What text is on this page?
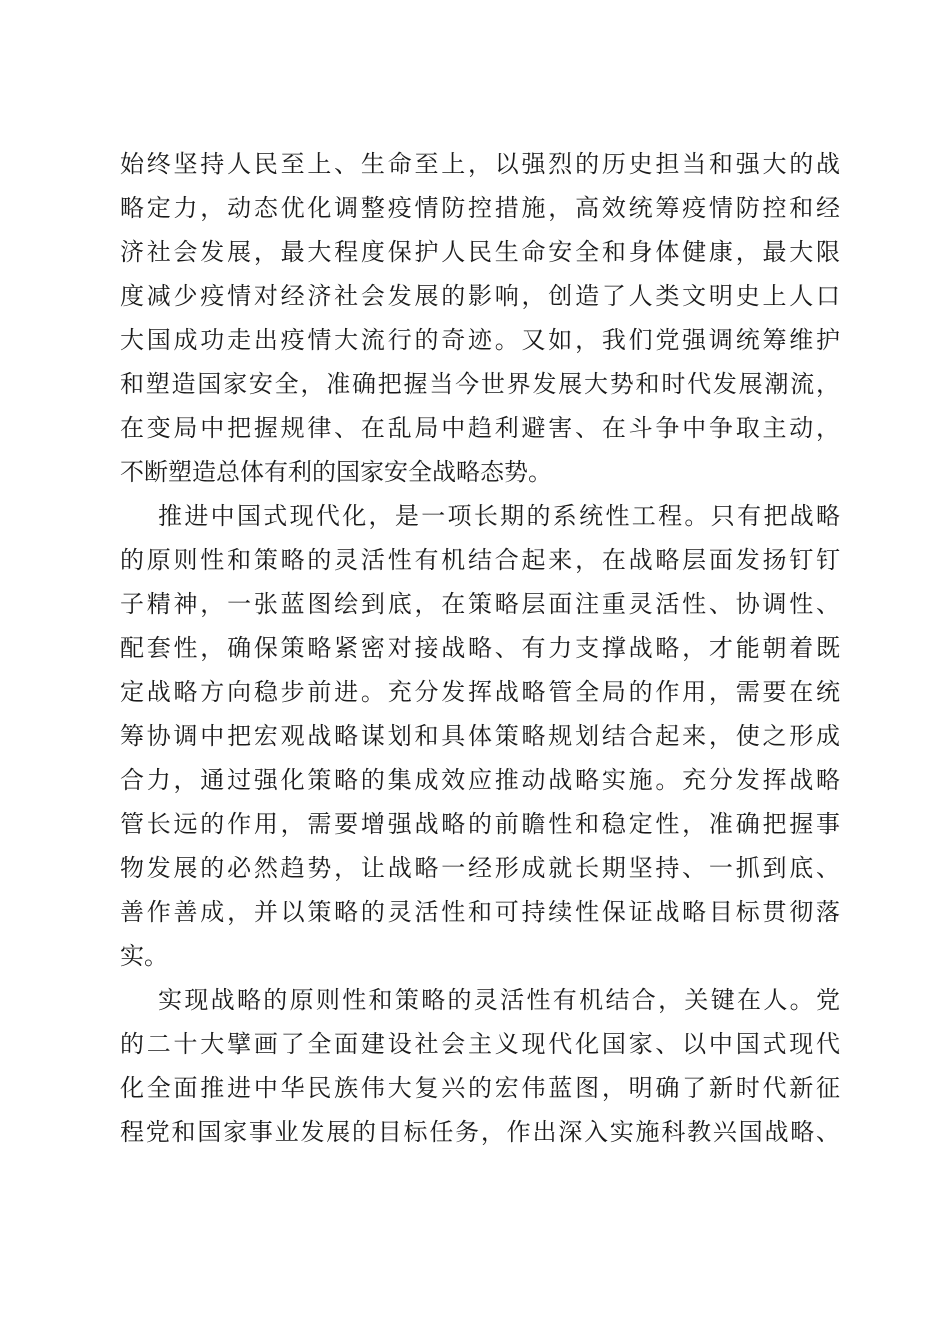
始终坚持人民至上、生命至上，以强烈的历史担当和强大的战
略定力，动态优化调整疫情防控措施，高效统筹疫情防控和经
济社会发展，最大程度保护人民生命安全和身体健康，最大限
度减少疫情对经济社会发展的影响，创造了人类文明史上人口
大国成功走出疫情大流行的奇迹。又如，我们党强调统筹维护
和塑造国家安全，准确把握当今世界发展大势和时代发展潮流，
在变局中把握规律、在乱局中趋利避害、在斗争中争取主动，
不断塑造总体有利的国家安全战略态势。
推进中国式现代化，是一项长期的系统性工程。只有把战略
的原则性和策略的灵活性有机结合起来，在战略层面发扬钉钉
子精神，一张蓝图绘到底，在策略层面注重灵活性、协调性、
配套性，确保策略紧密对接战略、有力支撑战略，才能朝着既
定战略方向稳步前进。充分发挥战略管全局的作用，需要在统
筹协调中把宏观战略谋划和具体策略规划结合起来，使之形成
合力，通过强化策略的集成效应推动战略实施。充分发挥战略
管长远的作用，需要增强战略的前瞻性和稳定性，准确把握事
物发展的必然趋势，让战略一经形成就长期坚持、一抓到底、
善作善成，并以策略的灵活性和可持续性保证战略目标贯彻落
实。
实现战略的原则性和策略的灵活性有机结合，关键在人。党
的二十大擘画了全面建设社会主义现代化国家、以中国式现代
化全面推进中华民族伟大复兴的宏伟蓝图，明确了新时代新征
程党和国家事业发展的目标任务，作出深入实施科教兴国战略、
